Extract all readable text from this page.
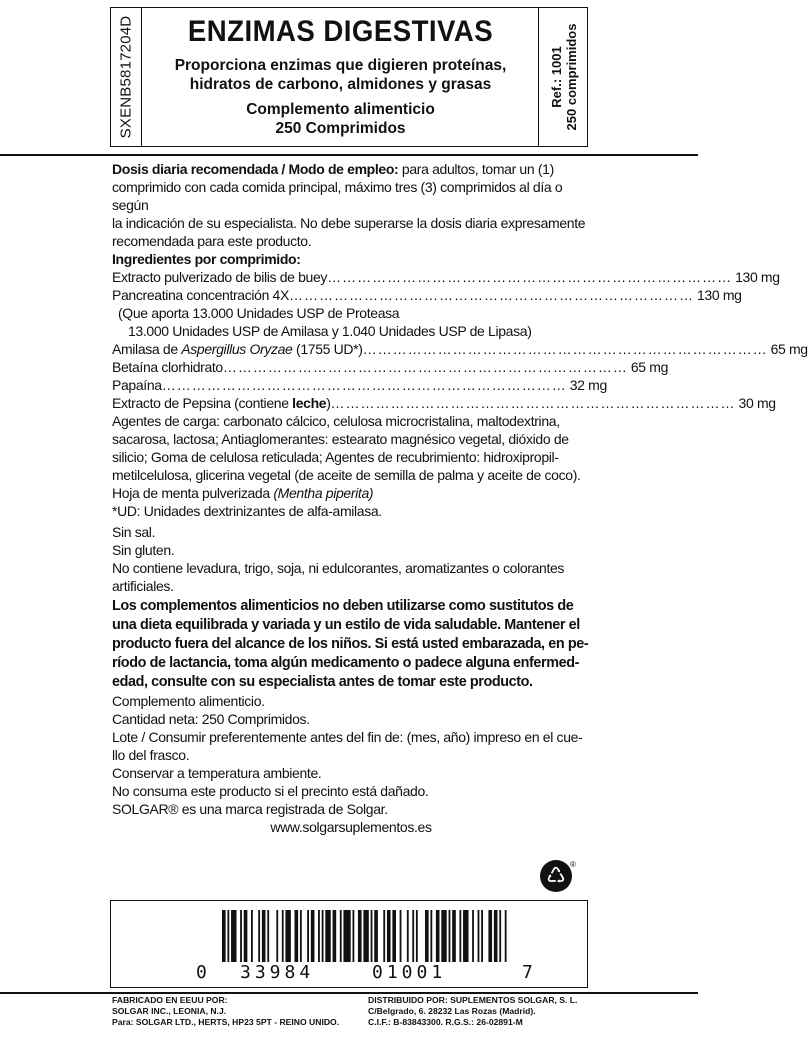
SXENB5817204D	Ref.: 1001 250 comprimidos
ENZIMAS DIGESTIVAS
Proporciona enzimas que digieren proteínas,
hidratos de carbono, almidones y grasas
Complemento alimenticio
250 Comprimidos

Dosis diaria recomendada / Modo de empleo: para adultos, tomar un (1)

comprimido con cada comida principal, máximo tres (3) comprimidos al día o según

la indicación de su especialista. No debe superarse la dosis diaria expresamente

recomendada para este producto.

Ingredientes por comprimido:

Extracto pulverizado de bilis de buey ……………………………………………………………………… 130 mg
Pancreatina concentración 4X ……………………………………………………………………… 130 mg

(Que aporta 13.000 Unidades USP de Proteasa

13.000 Unidades USP de Amilasa y 1.040 Unidades USP de Lipasa)

Amilasa de Aspergillus Oryzae (1755 UD*) ……………………………………………………………………… 65 mg
Betaína clorhidrato ……………………………………………………………………… 65 mg
Papaína ……………………………………………………………………… 32 mg
Extracto de Pepsina (contiene leche) ……………………………………………………………………… 30 mg

Agentes de carga: carbonato cálcico, celulosa microcristalina, maltodextrina,

sacarosa, lactosa; Antiaglomerantes: estearato magnésico vegetal, dióxido de

silicio; Goma de celulosa reticulada; Agentes de recubrimiento: hidroxipropil-

metilcelulosa, glicerina vegetal (de aceite de semilla de palma y aceite de coco).

Hoja de menta pulverizada (Mentha piperita)

*UD: Unidades dextrinizantes de alfa-amilasa.

Sin sal.

Sin gluten.

No contiene levadura, trigo, soja, ni edulcorantes, aromatizantes o colorantes

artificiales.

Los complementos alimenticios no deben utilizarse como sustitutos de

una dieta equilibrada y variada y un estilo de vida saludable. Mantener el

producto fuera del alcance de los niños. Si está usted embarazada, en pe-

ríodo de lactancia, toma algún medicamento o padece alguna enfermed-

edad, consulte con su especialista antes de tomar este producto.

Complemento alimenticio.

Cantidad neta: 250 Comprimidos.

Lote / Consumir preferentemente antes del fin de: (mes, año) impreso en el cue-

llo del frasco.

Conservar a temperatura ambiente.

No consuma este producto si el precinto está dañado.

SOLGAR® es una marca registrada de Solgar.

www.solgarsuplementos.es

♺ ®
0 33984	01001	7
FABRICADO EN EEUU POR:
SOLGAR INC., LEONIA, N.J.
Para: SOLGAR LTD., HERTS, HP23 5PT - REINO UNIDO.
DISTRIBUIDO POR: SUPLEMENTOS SOLGAR, S. L.
C/Belgrado, 6. 28232 Las Rozas (Madrid).
C.I.F.: B-83843300. R.G.S.: 26-02891-M
